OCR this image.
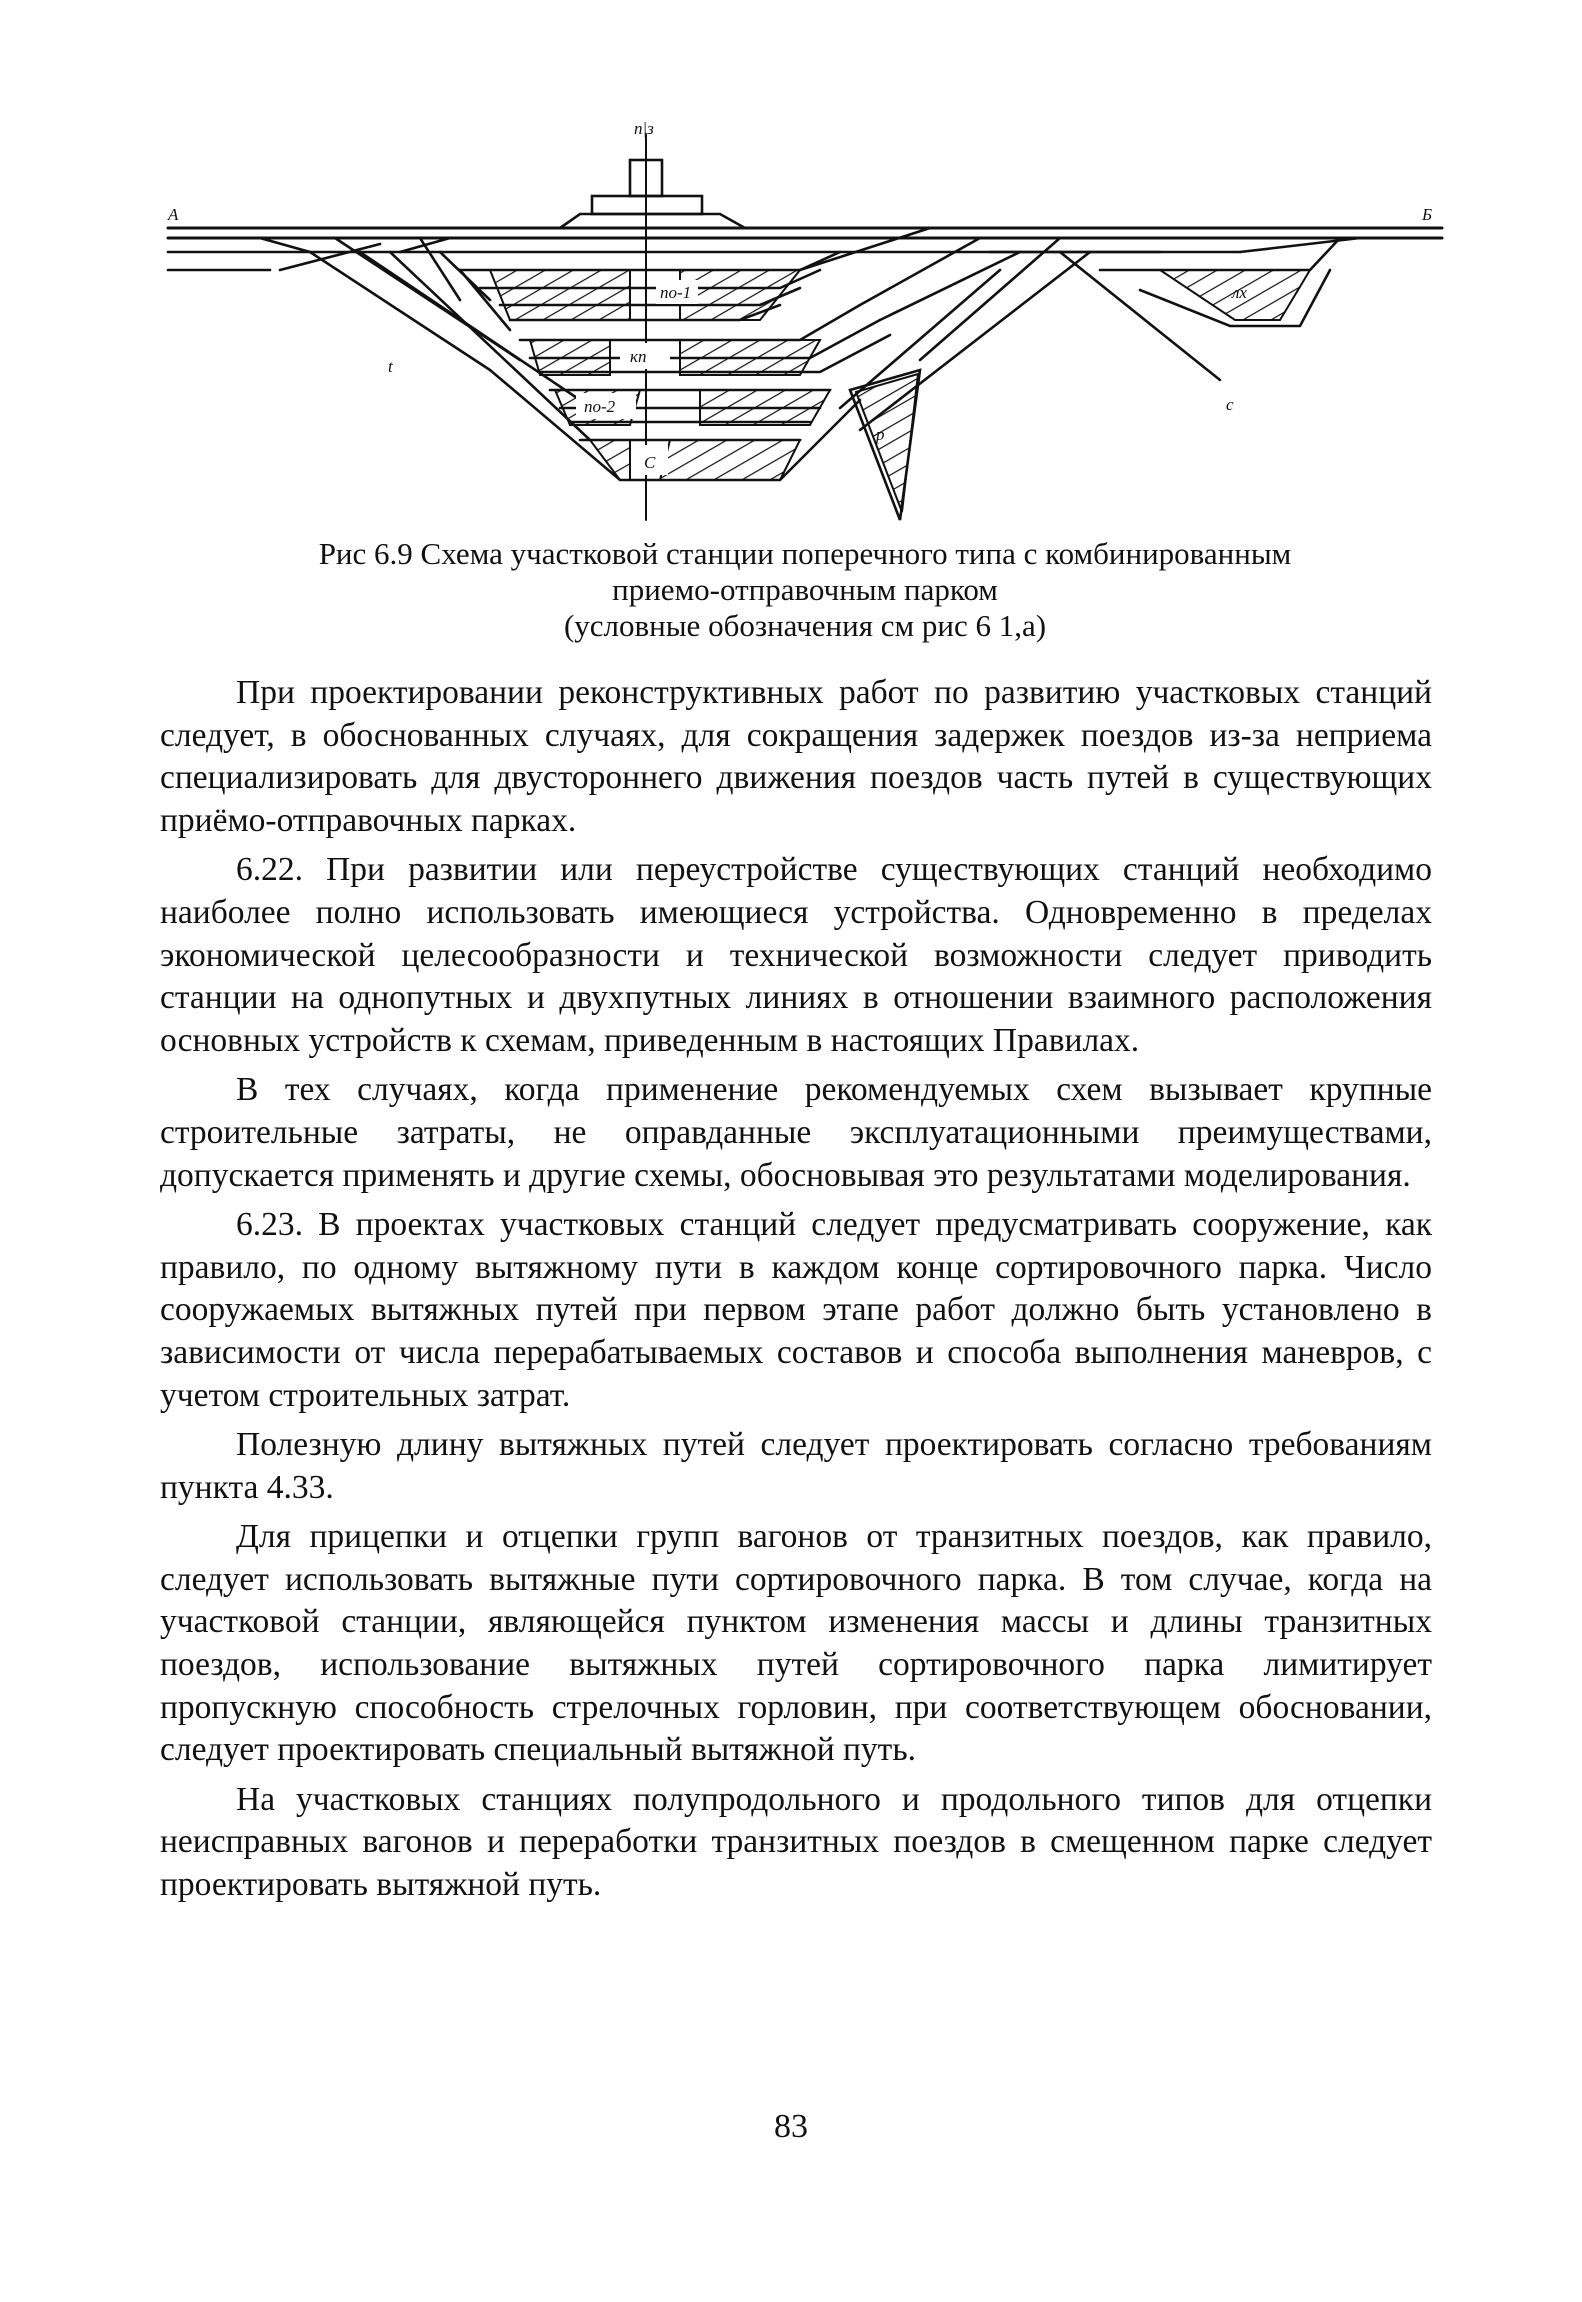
п|з
А	Б
по-1
кп
по-2
С
р
лх
t
с
Рис 6.9 Схема участковой станции поперечного типа с комбинированным
приемо-отправочным парком
(условные обозначения см рис 6 1,а)

При проектировании реконструктивных работ по развитию участковых станций следует, в обоснованных случаях, для сокращения задержек поездов из-за неприема специализировать для двустороннего движения поездов часть путей в существующих приёмо-отправочных парках.

6.22. При развитии или переустройстве существующих станций необходимо наиболее полно использовать имеющиеся устройства. Одновременно в пределах экономической целесообразности и технической возможности следует приводить станции на однопутных и двухпутных линиях в отношении взаимного расположения основных устройств к схемам, приведенным в настоящих Правилах.

В тех случаях, когда применение рекомендуемых схем вызывает крупные строительные затраты, не оправданные эксплуатационными преимуществами, допускается применять и другие схемы, обосновывая это результатами моделирования.

6.23. В проектах участковых станций следует предусматривать сооружение, как правило, по одному вытяжному пути в каждом конце сортировочного парка. Число сооружаемых вытяжных путей при первом этапе работ должно быть установлено в зависимости от числа перерабатываемых составов и способа выполнения маневров, с учетом строительных затрат.

Полезную длину вытяжных путей следует проектировать согласно требованиям пункта 4.33.

Для прицепки и отцепки групп вагонов от транзитных поездов, как правило, следует использовать вытяжные пути сортировочного парка. В том случае, когда на участковой станции, являющейся пунктом изменения массы и длины транзитных поездов, использование вытяжных путей сортировочного парка лимитирует пропускную способность стрелочных горловин, при соответствующем обосновании, следует проектировать специальный вытяжной путь.

На участковых станциях полупродольного и продольного типов для отцепки неисправных вагонов и переработки транзитных поездов в смещенном парке следует проектировать вытяжной путь.

83
